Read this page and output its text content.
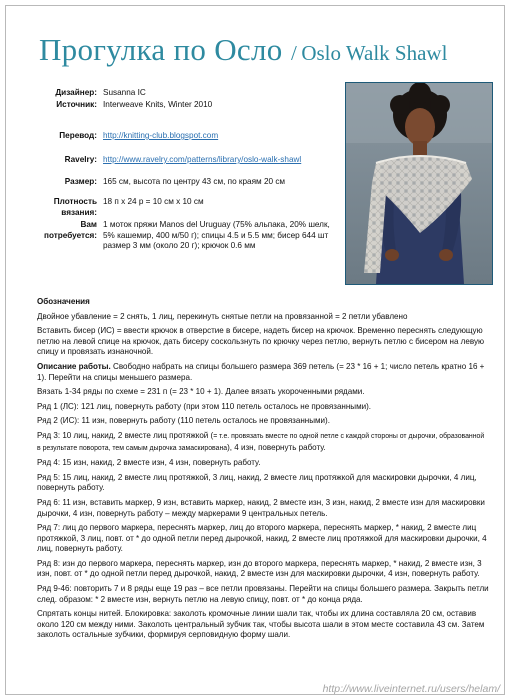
Прогулка по Осло / Oslo Walk Shawl
Дизайнер: Susanna IC
Источник: Interweave Knits, Winter 2010
Перевод: http://knitting-club.blogspot.com
Ravelry: http://www.ravelry.com/patterns/library/oslo-walk-shawl
Размер: 165 см, высота по центру 43 см, по краям 20 см
Плотность вязания:
18 п х 24 р = 10 см х 10 см
Вам потребуется:
1 моток пряжи Manos del Uruguay (75% альпака, 20% шелк, 5% кашемир, 400 м/50 г); спицы 4.5 и 5.5 мм; бисер 644 шт размер 3 мм (около 20 г); крючок 0.6 мм

Обозначения

Двойное убавление = 2 снять, 1 лиц, перекинуть снятые петли на провязанной = 2 петли убавлено

Вставить бисер (ИС) = ввести крючок в отверстие в бисере, надеть бисер на крючок. Временно переснять следующую петлю на левой спице на крючок, дать бисеру соскользнуть по крючку через петлю, вернуть петлю с бисером на левую спицу и провязать изнаночной.

Описание работы. Свободно набрать на спицы большего размера 369 петель (= 23 * 16 + 1; число петель кратно 16 + 1). Перейти на спицы меньшего размера.

Вязать 1-34 ряды по схеме = 231 п (= 23 * 10 + 1). Далее вязать укороченными рядами.

Ряд 1 (ЛС): 121 лиц, повернуть работу (при этом 110 петель осталось не провязанными).

Ряд 2 (ИС): 11 изн, повернуть работу (110 петель осталось не провязанными).

Ряд 3: 10 лиц, накид, 2 вместе лиц протяжкой (= т.е. провязать вместе по одной петле с каждой стороны от дырочки, образованной в результате поворота, тем самым дырочка замаскирована), 4 изн, повернуть работу.

Ряд 4: 15 изн, накид, 2 вместе изн, 4 изн, повернуть работу.

Ряд 5: 15 лиц, накид, 2 вместе лиц протяжкой, 3 лиц, накид, 2 вместе лиц протяжкой для маскировки дырочки, 4 лиц, повернуть работу.

Ряд 6: 11 изн, вставить маркер, 9 изн, вставить маркер, накид, 2 вместе изн, 3 изн, накид, 2 вместе изн для маскировки дырочки, 4 изн, повернуть работу – между маркерами 9 центральных петель.

Ряд 7: лиц до первого маркера, переснять маркер, лиц до второго маркера, переснять маркер, * накид, 2 вместе лиц протяжкой, 3 лиц, повт. от * до одной петли перед дырочкой, накид, 2 вместе лиц протяжкой для маскировки дырочки, 4 лиц, повернуть работу.

Ряд 8: изн до первого маркера, переснять маркер, изн до второго маркера, переснять маркер, * накид, 2 вместе изн, 3 изн, повт. от * до одной петли перед дырочкой, накид, 2 вместе изн для маскировки дырочки, 4 изн, повернуть работу.

Ряд 9-46: повторить 7 и 8 ряды еще 19 раз – все петли провязаны. Перейти на спицы большего размера. Закрыть петли след. образом: * 2 вместе изн, вернуть петлю на левую спицу, повт. от * до конца ряда.

Спрятать концы нитей. Блокировка: заколоть кромочные линии шали так, чтобы их длина составляла 20 см, оставив около 120 см между ними. Заколоть центральный зубчик так, чтобы высота шали в этом месте составила 43 см. Затем заколоть остальные зубчики, формируя серповидную форму шали.

http://www.liveinternet.ru/users/helam/
